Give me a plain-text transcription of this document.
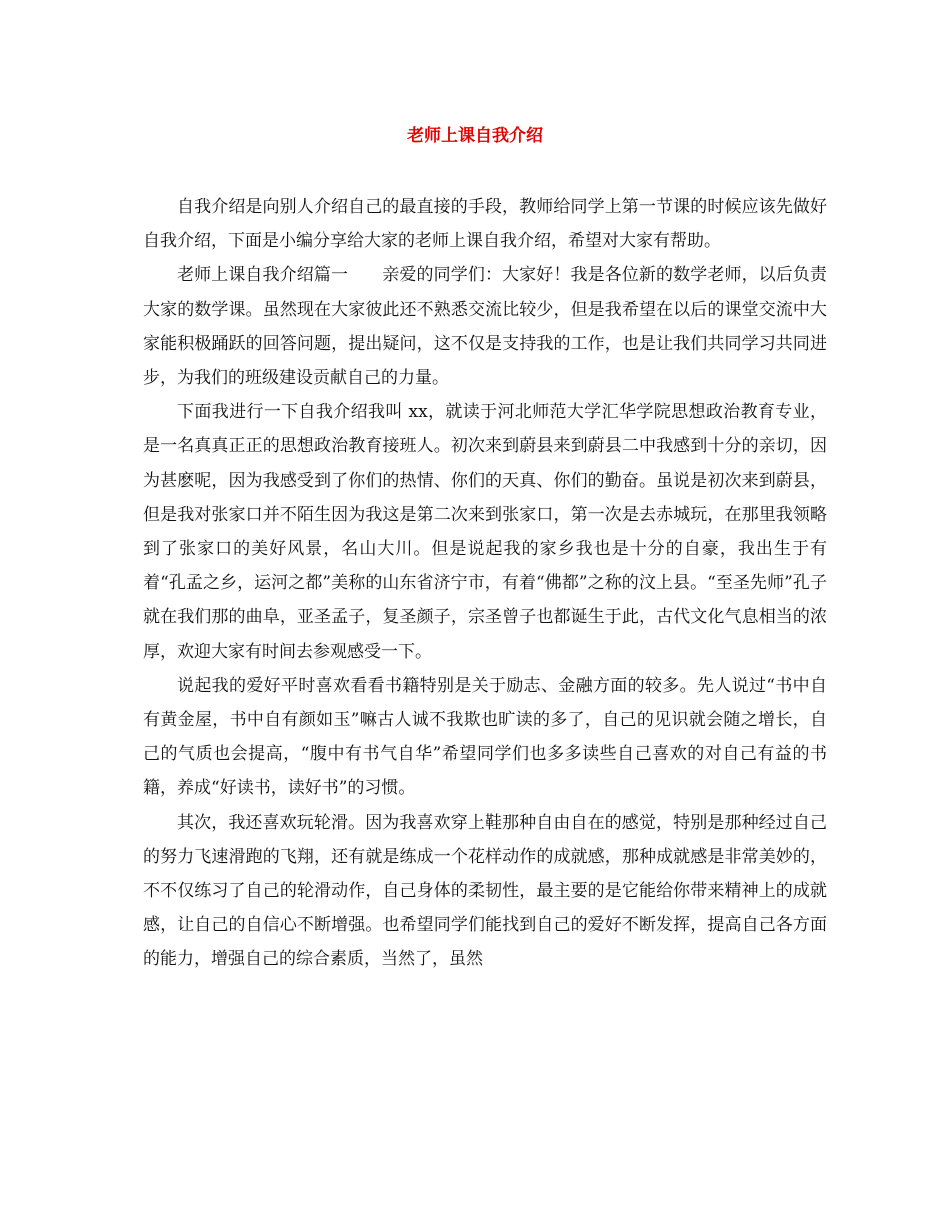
老师上课自我介绍

自我介绍是向别人介绍自己的最直接的手段，教师给同学上第一节课的时候应该先做好自我介绍，下面是小编分享给大家的老师上课自我介绍，希望对大家有帮助。

老师上课自我介绍篇一　　亲爱的同学们：大家好！我是各位新的数学老师，以后负责大家的数学课。虽然现在大家彼此还不熟悉交流比较少，但是我希望在以后的课堂交流中大家能积极踊跃的回答问题，提出疑问，这不仅是支持我的工作，也是让我们共同学习共同进步，为我们的班级建设贡献自己的力量。

下面我进行一下自我介绍我叫 xx，就读于河北师范大学汇华学院思想政治教育专业，是一名真真正正的思想政治教育接班人。初次来到蔚县来到蔚县二中我感到十分的亲切，因为甚麽呢，因为我感受到了你们的热情、你们的天真、你们的勤奋。虽说是初次来到蔚县，但是我对张家口并不陌生因为我这是第二次来到张家口，第一次是去赤城玩，在那里我领略到了张家口的美好风景，名山大川。但是说起我的家乡我也是十分的自豪，我出生于有着“孔孟之乡，运河之都”美称的山东省济宁市，有着“佛都”之称的汶上县。“至圣先师”孔子就在我们那的曲阜，亚圣孟子，复圣颜子，宗圣曾子也都诞生于此，古代文化气息相当的浓厚，欢迎大家有时间去参观感受一下。

说起我的爱好平时喜欢看看书籍特别是关于励志、金融方面的较多。先人说过“书中自有黄金屋，书中自有颜如玉”嘛古人诚不我欺也旷读的多了，自己的见识就会随之增长，自己的气质也会提高，“腹中有书气自华”希望同学们也多多读些自己喜欢的对自己有益的书籍，养成“好读书，读好书”的习惯。

其次，我还喜欢玩轮滑。因为我喜欢穿上鞋那种自由自在的感觉，特别是那种经过自己的努力飞速滑跑的飞翔，还有就是练成一个花样动作的成就感，那种成就感是非常美妙的，不不仅练习了自己的轮滑动作，自己身体的柔韧性，最主要的是它能给你带来精神上的成就感，让自己的自信心不断增强。也希望同学们能找到自己的爱好不断发挥，提高自己各方面的能力，增强自己的综合素质，当然了，虽然
